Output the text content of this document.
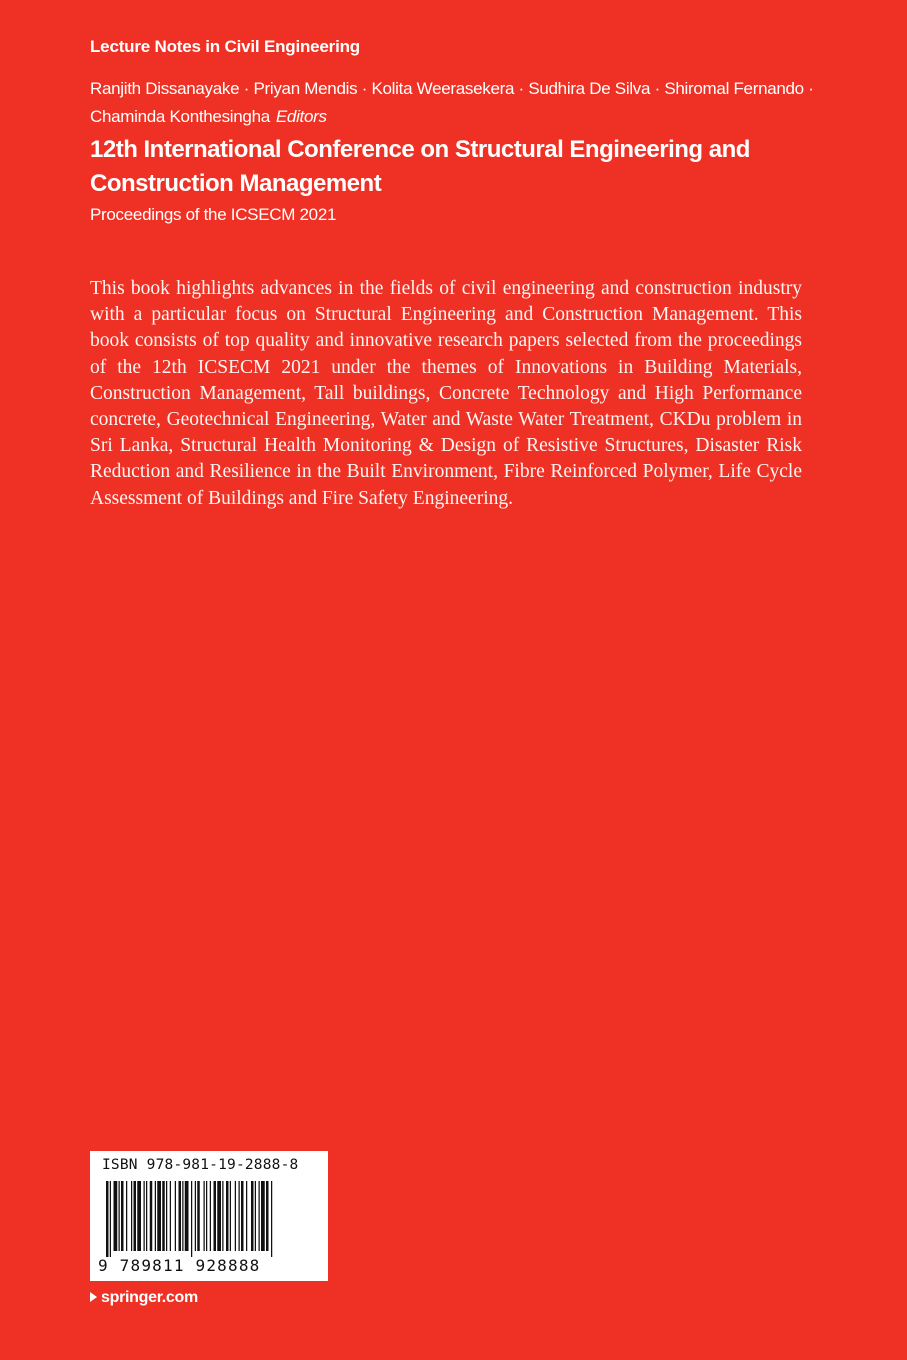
Lecture Notes in Civil Engineering
Ranjith Dissanayake · Priyan Mendis · Kolita Weerasekera · Sudhira De Silva · Shiromal Fernando ·
Chaminda Konthesingha Editors
12th International Conference on Structural Engineering and
Construction Management
Proceedings of the ICSECM 2021
This book highlights advances in the fields of civil engineering and construction industry with a particular focus on Structural Engineering and Construction Management. This book consists of top quality and innovative research papers selected from the proceedings of the 12th ICSECM 2021 under the themes of Innovations in Building Materials, Construction Management, Tall buildings, Concrete Technology and High Performance concrete, Geotechnical Engineering, Water and Waste Water Treatment, CKDu problem in Sri Lanka, Structural Health Monitoring & Design of Resistive Structures, Disaster Risk Reduction and Resilience in the Built Environment, Fibre Reinforced Polymer, Life Cycle Assessment of Buildings and Fire Safety Engineering.
ISBN 978-981-19-2888-8
9 789811 928888
springer.com
